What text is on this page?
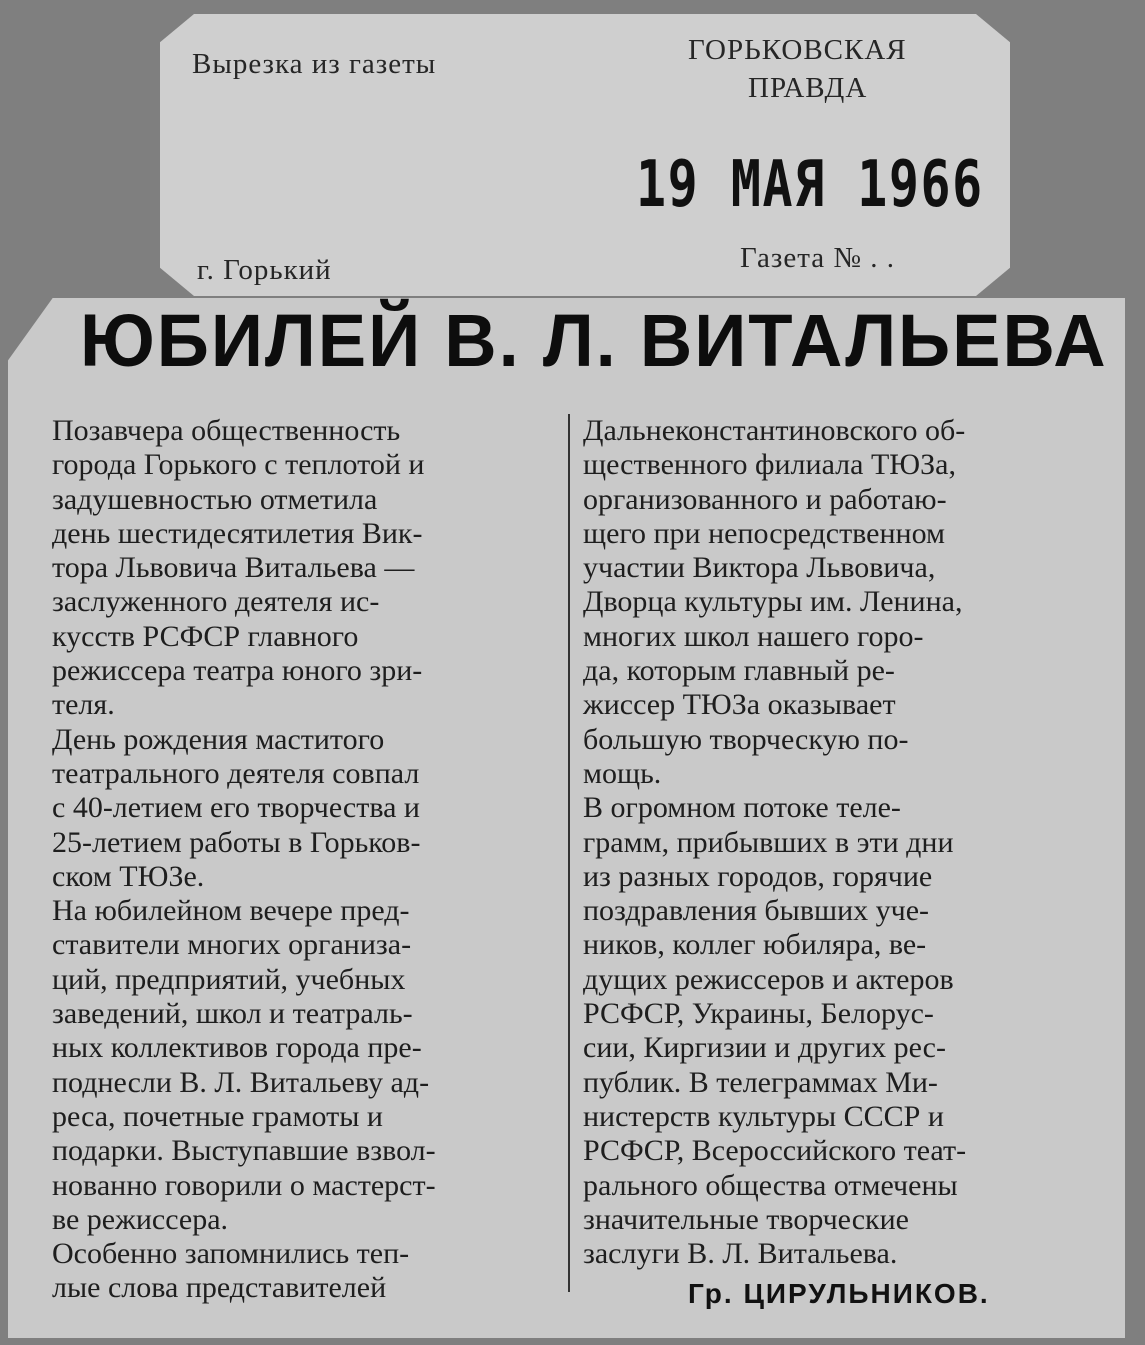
Вырезка из газеты	ГОРЬКОВСКАЯ
ПРАВДА
19 МАЯ 1966
г. Горький	Газета № . .
ЮБИЛЕЙ В. Л. ВИТАЛЬЕВА

Позавчера общественность

города Горького с теплотой и

задушевностью отметила

день шестидесятилетия Вик-

тора Львовича Витальева —

заслуженного деятеля ис-

кусств РСФСР главного

режиссера театра юного зри-

теля.

День рождения маститого

театрального деятеля совпал

с 40-летием его творчества и

25-летием работы в Горьков-

ском ТЮЗе.

На юбилейном вечере пред-

ставители многих организа-

ций, предприятий, учебных

заведений, школ и театраль-

ных коллективов города пре-

поднесли В. Л. Витальеву ад-

реса, почетные грамоты и

подарки. Выступавшие взвол-

нованно говорили о мастерст-

ве режиссера.

Особенно запомнились теп-

лые слова представителей

Дальнеконстантиновского об-

щественного филиала ТЮЗа,

организованного и работаю-

щего при непосредственном

участии Виктора Львовича,

Дворца культуры им. Ленина,

многих школ нашего горо-

да, которым главный ре-

жиссер ТЮЗа оказывает

большую творческую по-

мощь.

В огромном потоке теле-

грамм, прибывших в эти дни

из разных городов, горячие

поздравления бывших уче-

ников, коллег юбиляра, ве-

дущих режиссеров и актеров

РСФСР, Украины, Белорус-

сии, Киргизии и других рес-

публик. В телеграммах Ми-

нистерств культуры СССР и

РСФСР, Всероссийского теат-

рального общества отмечены

значительные творческие

заслуги В. Л. Витальева.

Гр. ЦИРУЛЬНИКОВ.
